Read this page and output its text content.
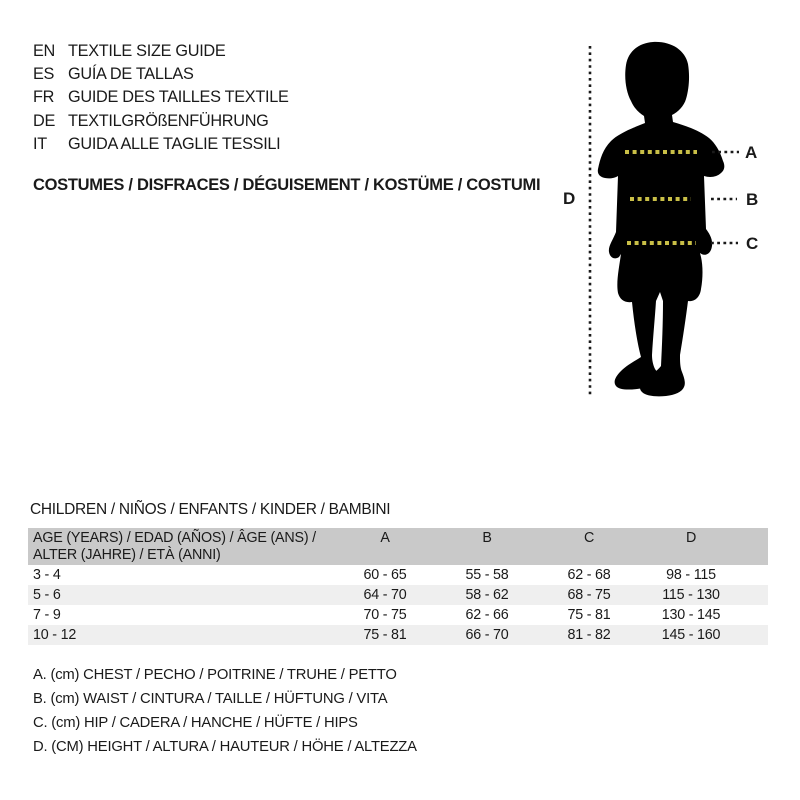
EN TEXTILE SIZE GUIDE
ES GUÍA DE TALLAS
FR GUIDE DES TAILLES TEXTILE
DE TEXTILGRÖßENFÜHRUNG
IT	GUIDA ALLE TAGLIE TESSILI
COSTUMES / DISFRACES / DÉGUISEMENT / KOSTÜME / COSTUMI
A
B
C
D
CHILDREN / NIÑOS / ENFANTS / KINDER / BAMBINI
AGE (YEARS) / EDAD (AÑOS) / ÂGE (ANS) /
ALTER (JAHRE) / ETÀ (ANNI)
A	B	C	D
3 - 4	60 - 65	55 - 58	62 - 68	98 - 115
5 - 6	64 - 70	58 - 62	68 - 75	115 - 130
7 - 9	70 - 75	62 - 66	75 - 81	130 - 145
10 - 12	75 - 81	66 - 70	81 - 82	145 - 160
A. (cm) CHEST / PECHO / POITRINE / TRUHE / PETTO
B. (cm) WAIST / CINTURA / TAILLE / HÜFTUNG / VITA
C. (cm) HIP / CADERA / HANCHE / HÜFTE / HIPS
D. (CM) HEIGHT / ALTURA / HAUTEUR / HÖHE / ALTEZZA
